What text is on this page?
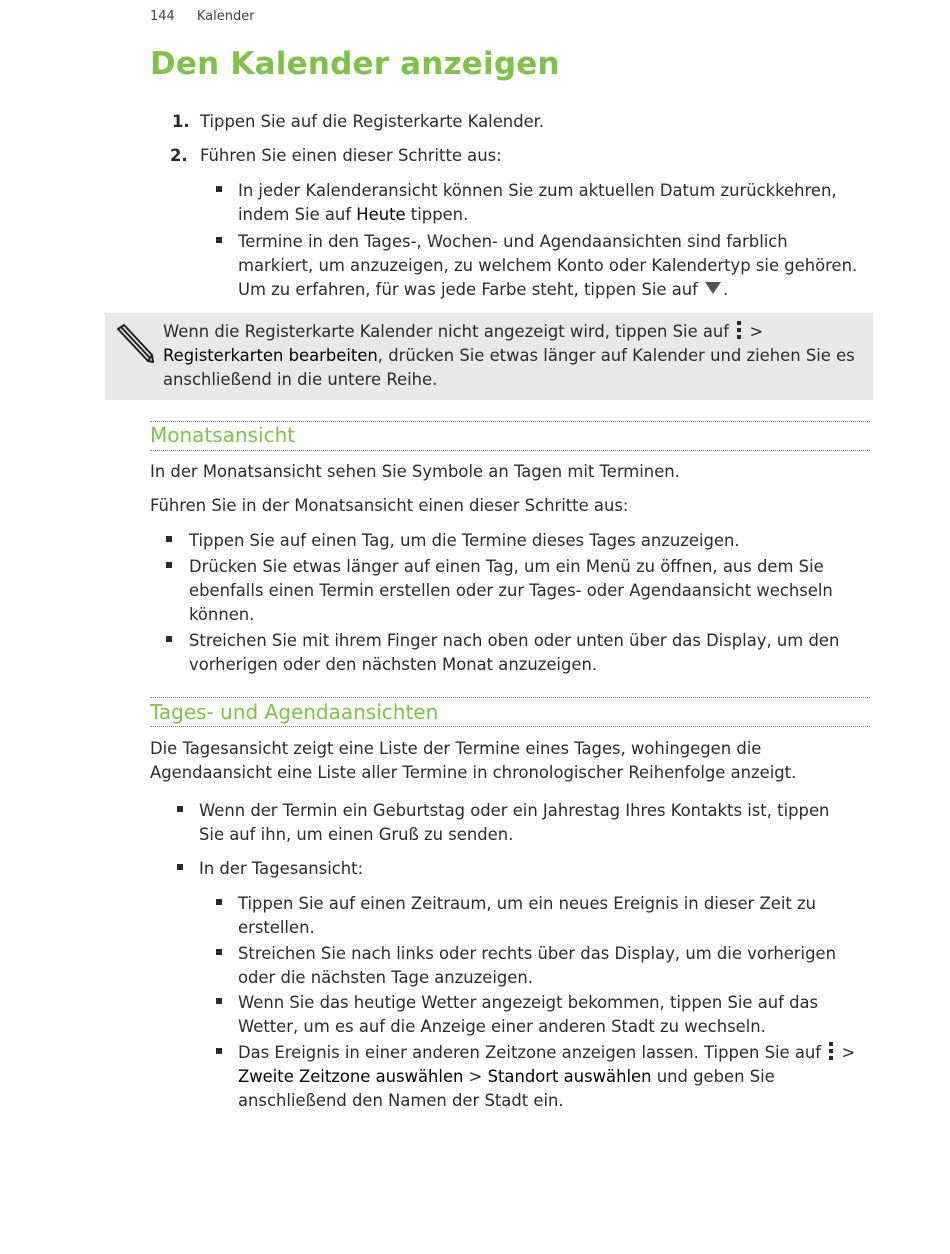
144 Kalender
Den Kalender anzeigen
1. Tippen Sie auf die Registerkarte Kalender.

2. Führen Sie einen dieser Schritte aus:

In jeder Kalenderansicht können Sie zum aktuellen Datum zurückkehren,

indem Sie auf Heute tippen.

Termine in den Tages-, Wochen- und Agendaansichten sind farblich

markiert, um anzuzeigen, zu welchem Konto oder Kalendertyp sie gehören.

Um zu erfahren, für was jede Farbe steht, tippen Sie auf .

Wenn die Registerkarte Kalender nicht angezeigt wird, tippen Sie auf >

Registerkarten bearbeiten, drücken Sie etwas länger auf Kalender und ziehen Sie es

anschließend in die untere Reihe.

Monatsansicht

In der Monatsansicht sehen Sie Symbole an Tagen mit Terminen.

Führen Sie in der Monatsansicht einen dieser Schritte aus:

Tippen Sie auf einen Tag, um die Termine dieses Tages anzuzeigen.

Drücken Sie etwas länger auf einen Tag, um ein Menü zu öffnen, aus dem Sie

ebenfalls einen Termin erstellen oder zur Tages- oder Agendaansicht wechseln

können.

Streichen Sie mit ihrem Finger nach oben oder unten über das Display, um den

vorherigen oder den nächsten Monat anzuzeigen.

Tages- und Agendaansichten

Die Tagesansicht zeigt eine Liste der Termine eines Tages, wohingegen die

Agendaansicht eine Liste aller Termine in chronologischer Reihenfolge anzeigt.

Wenn der Termin ein Geburtstag oder ein Jahrestag Ihres Kontakts ist, tippen

Sie auf ihn, um einen Gruß zu senden.

In der Tagesansicht:

Tippen Sie auf einen Zeitraum, um ein neues Ereignis in dieser Zeit zu

erstellen.

Streichen Sie nach links oder rechts über das Display, um die vorherigen

oder die nächsten Tage anzuzeigen.

Wenn Sie das heutige Wetter angezeigt bekommen, tippen Sie auf das

Wetter, um es auf die Anzeige einer anderen Stadt zu wechseln.

Das Ereignis in einer anderen Zeitzone anzeigen lassen. Tippen Sie auf >

Zweite Zeitzone auswählen > Standort auswählen und geben Sie

anschließend den Namen der Stadt ein.
